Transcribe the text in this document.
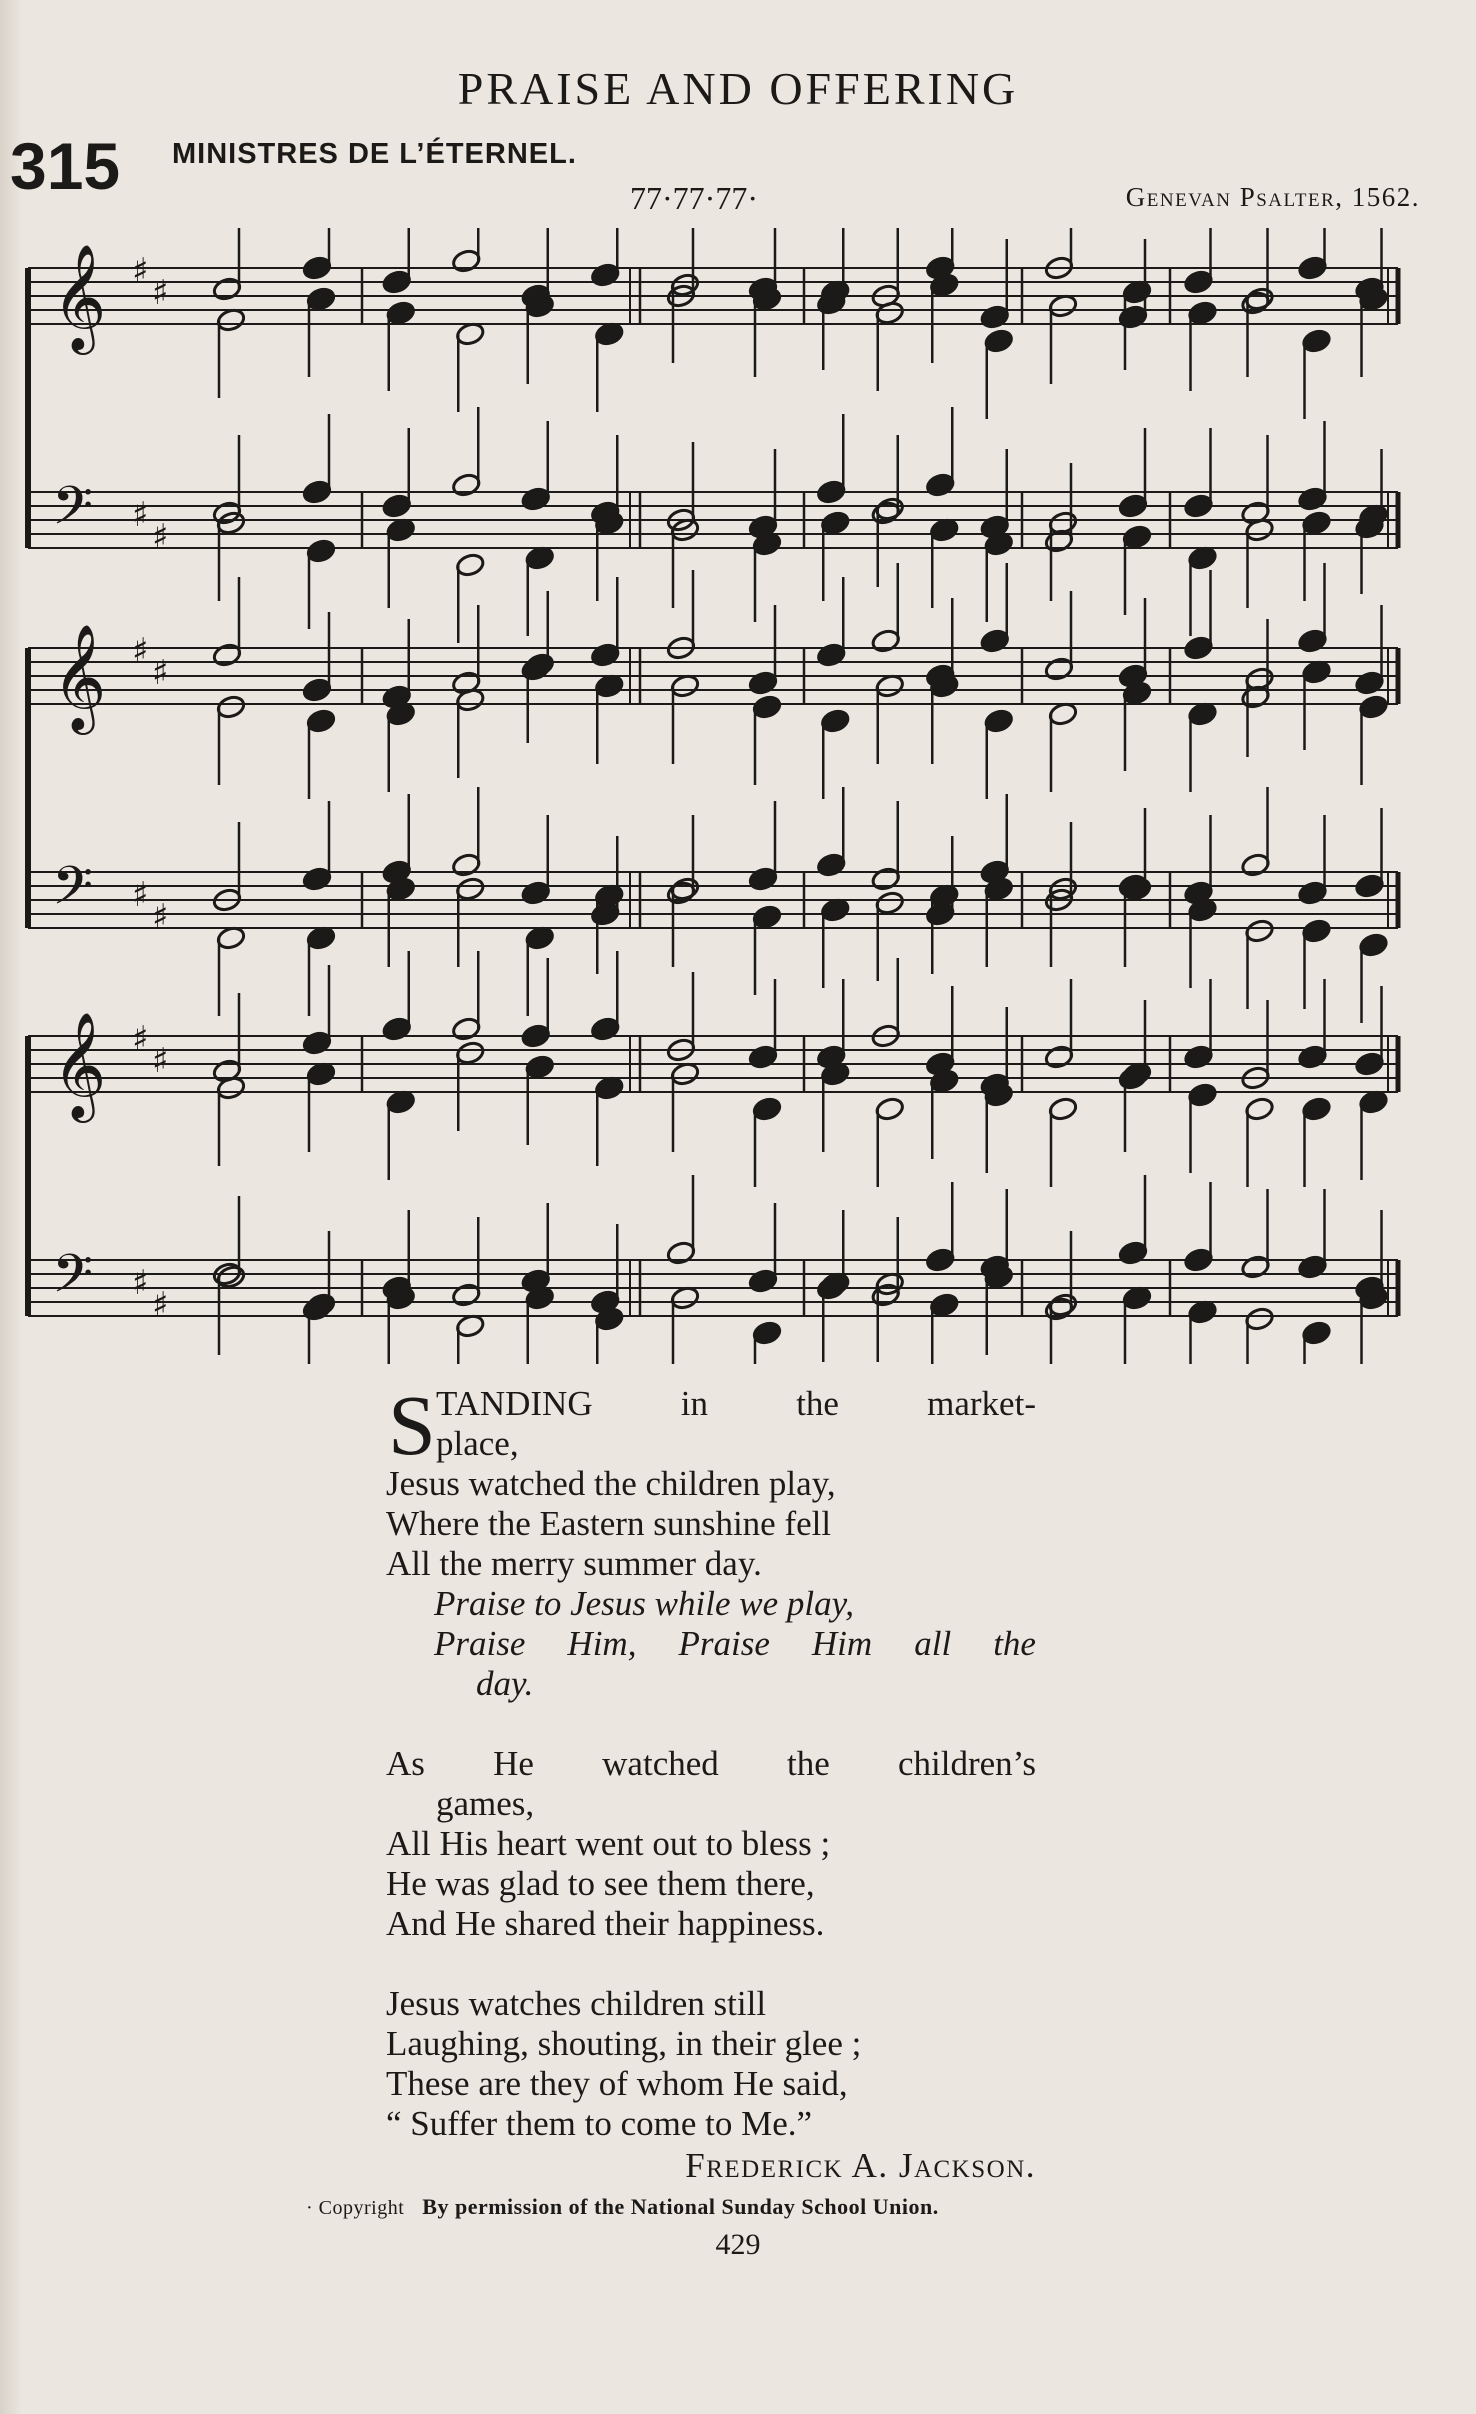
PRAISE AND OFFERING
315 MINISTRES DE L’ÉTERNEL.
77·77·77·	Genevan Psalter, 1562.
𝄞 ♯
♯
𝄢 ♯
♯
𝄞 ♯
♯
𝄢 ♯
♯
𝄞 ♯
♯
𝄢 ♯
♯
S TANDING	in	the	market-
place,
Jesus watched the children play,
Where the Eastern sunshine fell
All the merry summer day.
Praise to Jesus while we play,
Praise Him, Praise Him all the
day.
As He watched the children’s
games,
All His heart went out to bless ;
He was glad to see them there,
And He shared their happiness.
Jesus watches children still
Laughing, shouting, in their glee ;
These are they of whom He said,
“ Suffer them to come to Me.”
Frederick A. Jackson.
· Copyright By permission of the National Sunday School Union.
429
